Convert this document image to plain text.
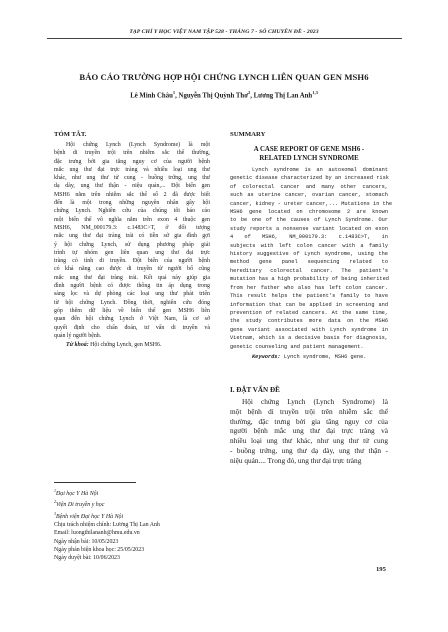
TẠP CHÍ Y HỌC VIỆT NAM TẬP 528 - THÁNG 7 - SỐ CHUYÊN ĐỀ - 2023
BÁO CÁO TRƯỜNG HỢP HỘI CHỨNG LYNCH LIÊN QUAN GEN MSH6
Lê Minh Châu$^1$, Nguyễn Thị Quỳnh Thơ$^2$, Lương Thị Lan Anh$^{1,3}$
TÓM TẮT.
Hội chứng Lynch (Lynch Syndrome) là một
bệnh di truyền trội trên nhiễm sắc thể thường,
đặc trưng bởi gia tăng nguy cơ của người bệnh
mắc ung thư đại trực tràng và nhiều loại ung thư
khác, như ung thư tử cung - buồng trứng, ung thư
dạ dày, ung thư thận - niệu quản,... Đột biến gen
MSH6 nằm trên nhiễm sắc thể số 2 đã được biết
đến là một trong những nguyên nhân gây hội
chứng Lynch. Nghiên cứu của chúng tôi báo cáo
một biến thể vô nghĩa nằm trên exon 4 thuộc gen
MSH6, NM_000179.3: c.1483C>T, ở đối tượng
mắc ung thư đại tràng trái có tiền sử gia đình gợi
ý hội chứng Lynch, sử dụng phương pháp giải
trình tự nhóm gen liên quan ung thư đại trực
tràng có tính di truyền. Đột biến của người bệnh
có khả năng cao được di truyền từ người bố cũng
mắc ung thư đại tràng trái. Kết quả này giúp gia
đình người bệnh có được thông tin áp dụng trong
sàng lọc và dự phòng các loại ung thư phát triển
từ hội chứng Lynch. Đồng thời, nghiên cứu đóng
góp thêm dữ liệu về biến thể gen MSH6 liên
quan đến hội chứng Lynch ở Việt Nam, là cơ sở
quyết định cho chẩn đoán, tư vấn di truyền và
quản lý người bệnh.
Từ khoá: Hội chứng Lynch, gen MSH6.
$^1$Đại học Y Hà Nội
$^2$Viện Di truyền y học
$^3$Bệnh viện Đại học Y Hà Nội
Chịu trách nhiệm chính: Lương Thị Lan Anh
Email: luongthilananh@hmu.edu.vn
Ngày nhận bài: 10/05/2023
Ngày phản biện khoa học: 25/05/2023
Ngày duyệt bài: 10/06/2023
SUMMARY
A CASE REPORT OF GENE MSH6 -
RELATED LYNCH SYNDROME
Lynch syndrome is an autosomal dominant
genetic disease characterized by an increased risk
of colorectal cancer and many other cancers,
such as uterine cancer, ovarian cancer, stomach
cancer, kidney - ureter cancer,... Mutations in the
MSH6 gene located on chromosome 2 are known
to be one of the causes of Lynch Syndrome. Our
study reports a nonsense variant located on exon
4 of MSH6, NM_000179.3: c.1483C>T, in
subjects with left colon cancer with a family
history suggestive of Lynch syndrome, using the
method gene panel sequencing related to
hereditary colorectal cancer. The patient's
mutation has a high probability of being inherited
from her father who also has left colon cancer.
This result helps the patient's family to have
information that can be applied in screening and
prevention of related cancers. At the same time,
the study contributes more data on the MSH6
gene variant associated with Lynch syndrome in
Vietnam, which is a decisive basis for diagnosis,
genetic counseling and patient management.
Keywords: Lynch syndrome, MSH6 gene.
I. ĐẶT VẤN ĐỀ
Hội chứng Lynch (Lynch Syndrome) là
một bệnh di truyền trội trên nhiễm sắc thể
thường, đặc trưng bởi gia tăng nguy cơ của
người bệnh mắc ung thư đại trực tràng và
nhiều loại ung thư khác, như ung thư tử cung
- buồng trứng, ung thư dạ dày, ung thư thận -
niệu quản.... Trong đó, ung thư đại trực tràng
195
